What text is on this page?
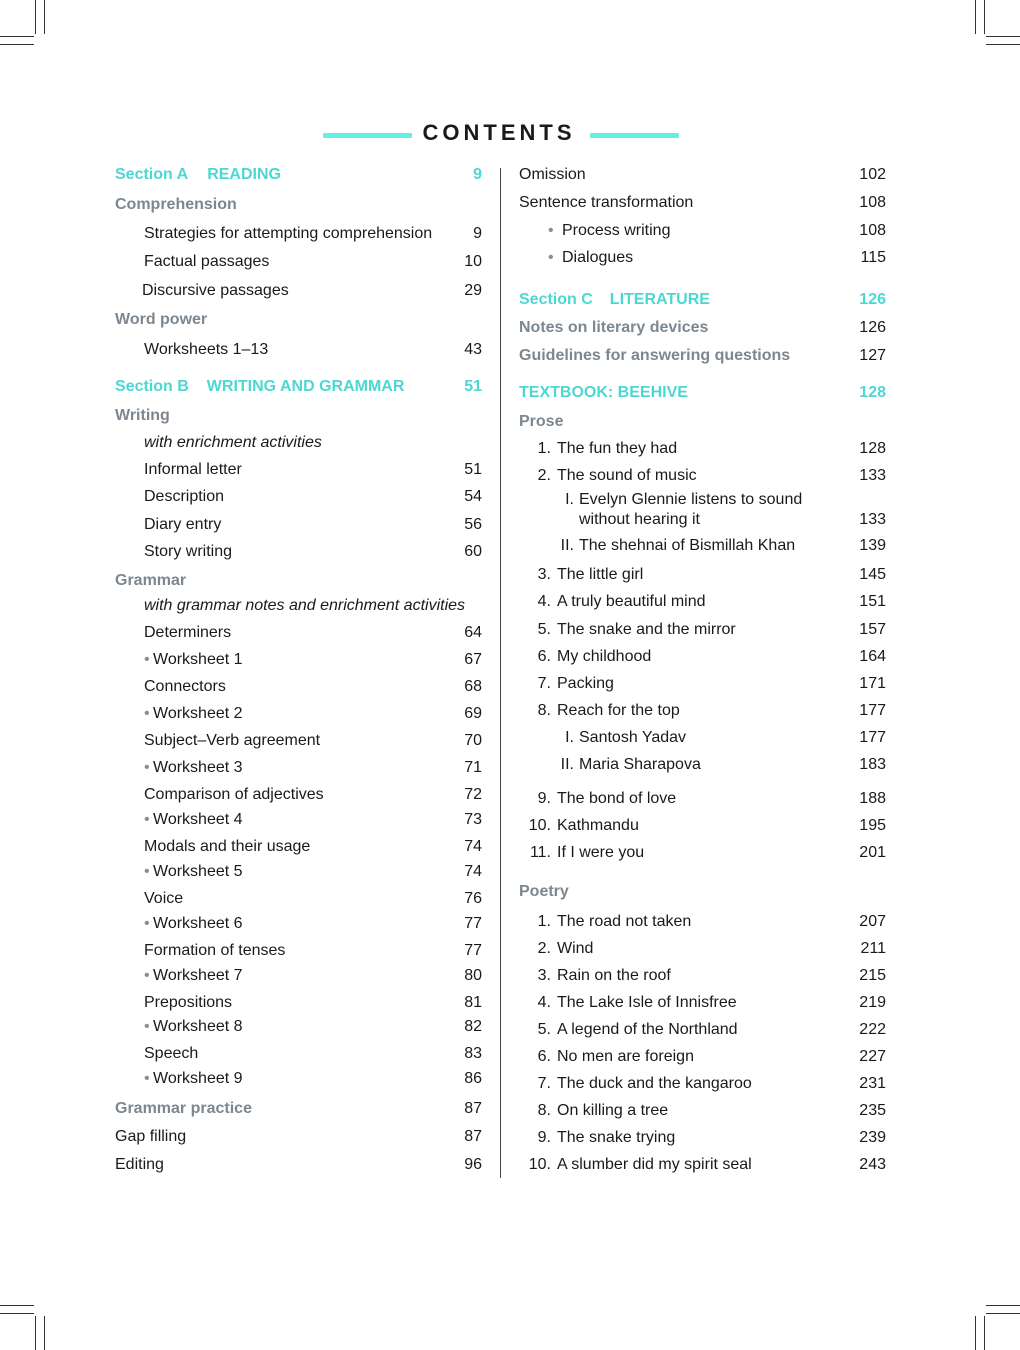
CONTENTS
Section A READING	9
Comprehension
Strategies for attempting comprehension	9
Factual passages	10
Discursive passages	29
Word power
Worksheets 1–13	43
Section B WRITING AND GRAMMAR	51
Writing
with enrichment activities
Informal letter	51
Description	54
Diary entry	56
Story writing	60
Grammar
with grammar notes and enrichment activities
Determiners	64
• Worksheet 1	67
Connectors	68
• Worksheet 2	69
Subject–Verb agreement	70
• Worksheet 3	71
Comparison of adjectives	72
• Worksheet 4	73
Modals and their usage	74
• Worksheet 5	74
Voice	76
• Worksheet 6	77
Formation of tenses	77
• Worksheet 7	80
Prepositions	81
• Worksheet 8	82
Speech	83
• Worksheet 9	86
Grammar practice	87
Gap filling	87
Editing	96
Omission	102
Sentence transformation	108
• Process writing	108
• Dialogues	115
Section C LITERATURE	126
Notes on literary devices	126
Guidelines for answering questions	127
TEXTBOOK: BEEHIVE	128
Prose
1. The fun they had	128
2. The sound of music	133
I. Evelyn Glennie listens to sound
without hearing it	133
II. The shehnai of Bismillah Khan	139
3. The little girl	145
4. A truly beautiful mind	151
5. The snake and the mirror	157
6. My childhood	164
7. Packing	171
8. Reach for the top	177
I. Santosh Yadav	177
II. Maria Sharapova	183
9. The bond of love	188
10. Kathmandu	195
11. If I were you	201
Poetry
1. The road not taken	207
2. Wind	211
3. Rain on the roof	215
4. The Lake Isle of Innisfree	219
5. A legend of the Northland	222
6. No men are foreign	227
7. The duck and the kangaroo	231
8. On killing a tree	235
9. The snake trying	239
10. A slumber did my spirit seal	243
